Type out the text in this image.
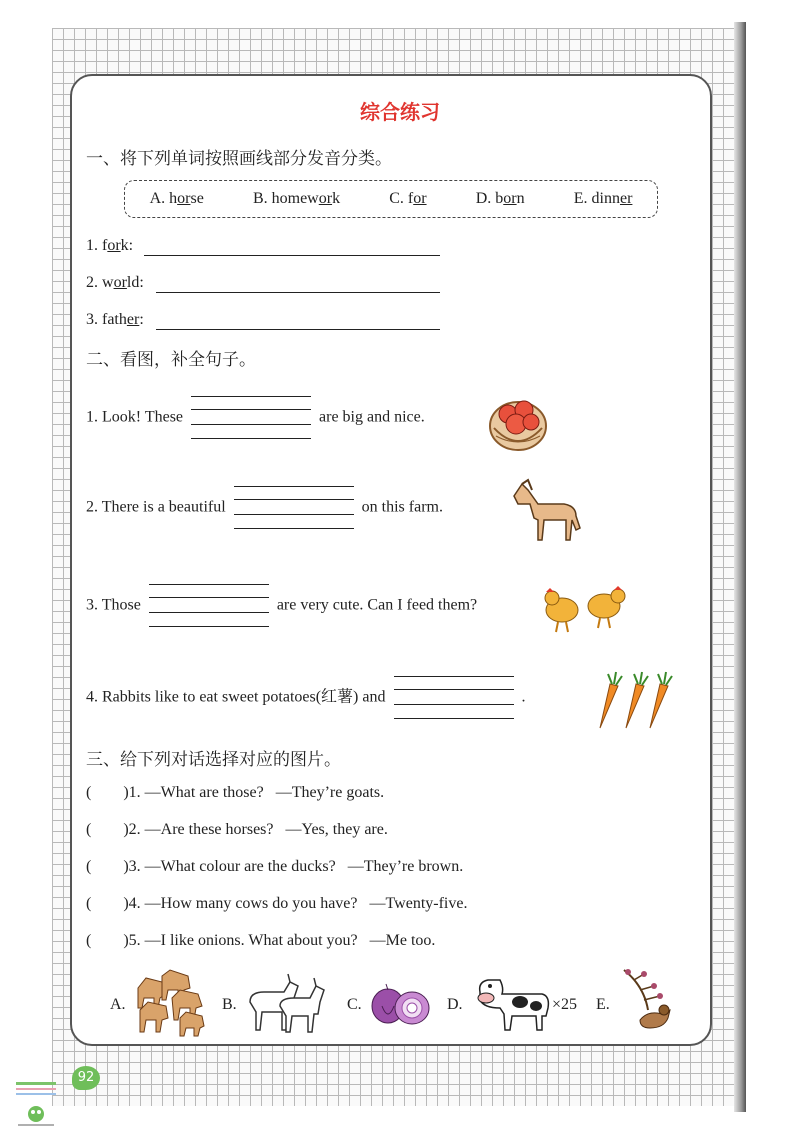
综合练习
一、将下列单词按照画线部分发音分类。
A. horse	B. homework	C. for	D. born	E. dinner
1. fork:
2. world:
3. father:
二、看图，补全句子。
1. Look! These	are big and nice.
2. There is a beautiful	on this farm.
3. Those	are very cute. Can I feed them?
4. Rabbits like to eat sweet potatoes(红薯) and	.
三、给下列对话选择对应的图片。
(        )1. —What are those?   —They’re goats.
(        )2. —Are these horses?   —Yes, they are.
(        )3. —What colour are the ducks?   —They’re brown.
(        )4. —How many cows do you have?   —Twenty-five.
(        )5. —I like onions. What about you?   —Me too.
A.	B.	C.	D.	×25 E.
92
